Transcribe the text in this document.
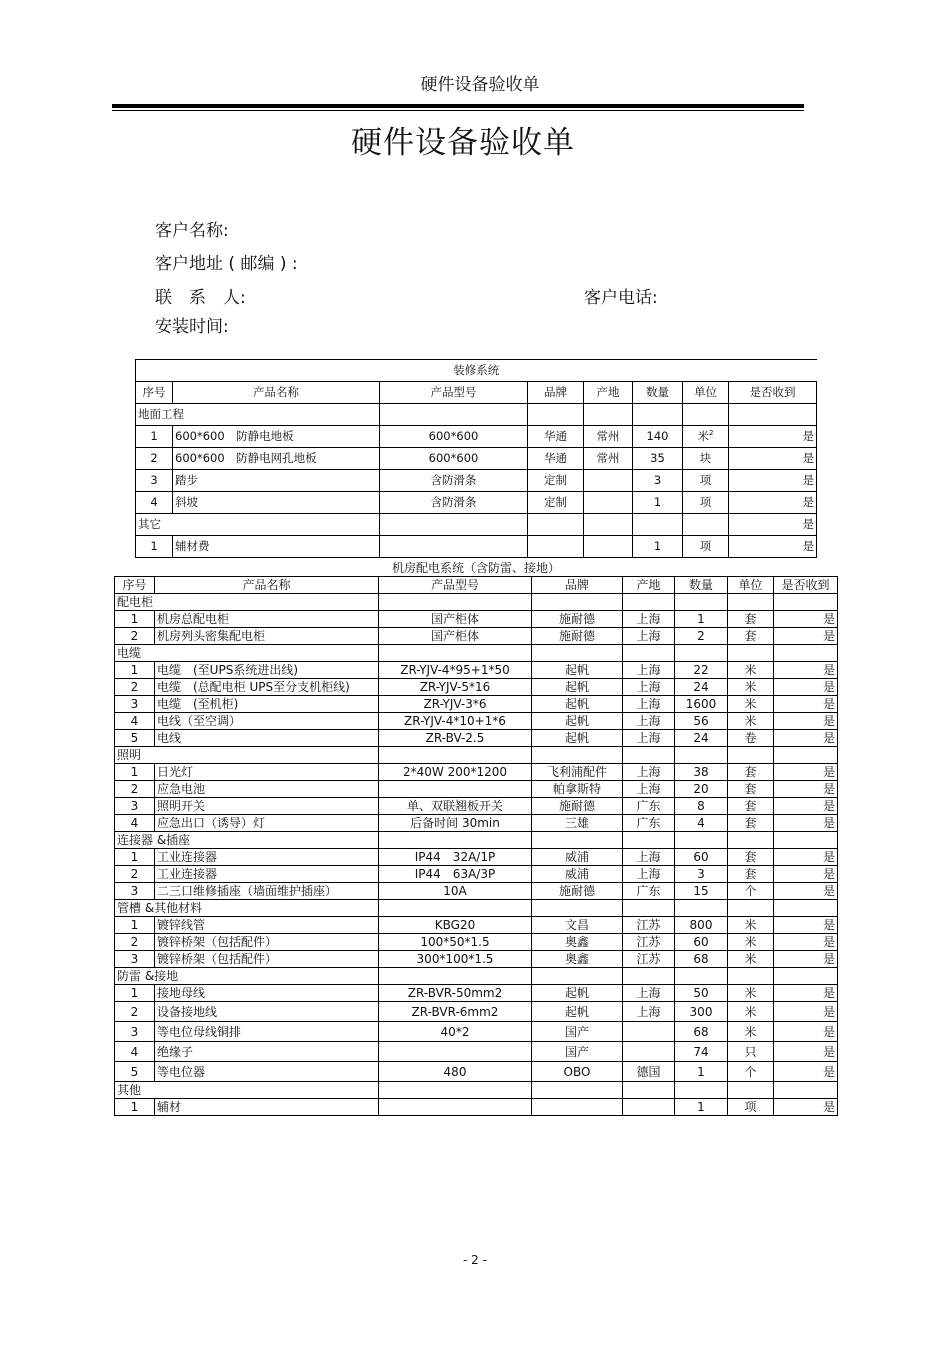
硬件设备验收单
硬件设备验收单
客户名称:
客户地址 ( 邮编 ) :
联　系　人:	客户电话:
安装时间:
装修系统							
序号	产品名称	产品型号	品牌	产地	数量	单位	是否收到
地面工程							
1	600*600　防静电地板	600*600	华通	常州	140	米$^2$	是
2	600*600　防静电网孔地板	600*600	华通	常州	35	块	是
3	踏步	含防滑条	定制		3	项	是
4	斜坡	含防滑条	定制		1	项	是
其它							是
1	辅材费				1	项	是
机房配电系统（含防雷、接地）							
序号	产品名称	产品型号	品牌	产地	数量	单位	是否收到
配电柜							
1	机房总配电柜	国产柜体	施耐德	上海	1	套	是
2	机房列头密集配电柜	国产柜体	施耐德	上海	2	套	是
电缆							
1	电缆　(至UPS系统进出线)	ZR-YJV-4*95+1*50	起帆	上海	22	米	是
2	电缆　(总配电柜 UPS至分支机柜线)	ZR-YJV-5*16	起帆	上海	24	米	是
3	电缆　(至机柜)	ZR-YJV-3*6	起帆	上海	1600	米	是
4	电线（至空调）	ZR-YJV-4*10+1*6	起帆	上海	56	米	是
5	电线	ZR-BV-2.5	起帆	上海	24	卷	是
照明							
1	日光灯	2*40W 200*1200	飞利浦配件	上海	38	套	是
2	应急电池		帕拿斯特	上海	20	套	是
3	照明开关	单、双联翘板开关	施耐德	广东	8	套	是
4	应急出口（诱导）灯	后备时间 30min	三雄	广东	4	套	是
连接器 &插座							
1	工业连接器	IP44　32A/1P	威浦	上海	60	套	是
2	工业连接器	IP44　63A/3P	威浦	上海	3	套	是
3	二三口维修插座（墙面维护插座）	10A	施耐德	广东	15	个	是
管槽 &其他材料							
1	镀锌线管	KBG20	文昌	江苏	800	米	是
2	镀锌桥架（包括配件）	100*50*1.5	奥鑫	江苏	60	米	是
3	镀锌桥架（包括配件）	300*100*1.5	奥鑫	江苏	68	米	是
防雷 &接地							
1	接地母线	ZR-BVR-50mm2	起帆	上海	50	米	是
2	设备接地线	ZR-BVR-6mm2	起帆	上海	300	米	是
3	等电位母线铜排	40*2	国产		68	米	是
4	绝缘子		国产		74	只	是
5	等电位器	480	OBO	德国	1	个	是
其他							
1	辅材				1	项	是
- 2 -
